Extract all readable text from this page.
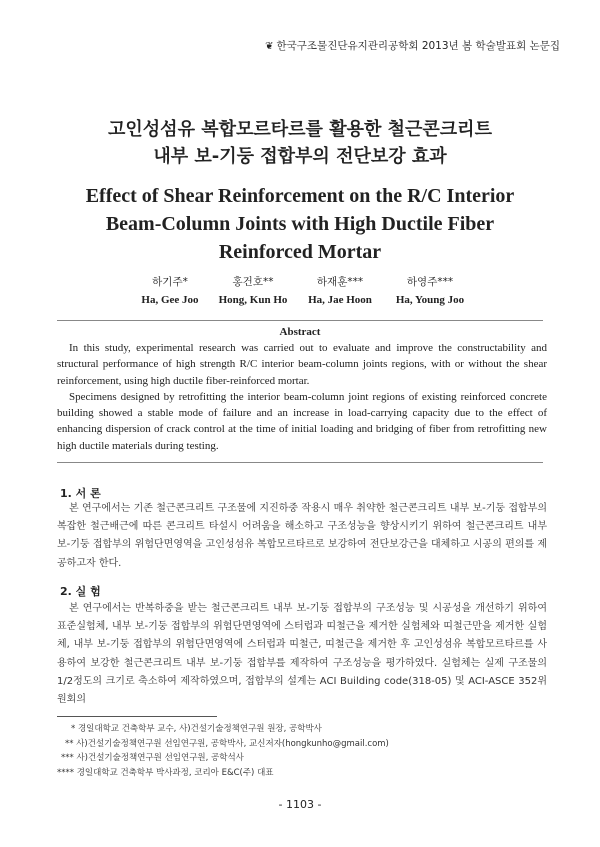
❦ 한국구조물진단유지관리공학회 2013년 봄 학술발표회 논문집
고인성섬유 복합모르타르를 활용한 철근콘크리트
내부 보-기둥 접합부의 전단보강 효과
Effect of Shear Reinforcement on the R/C Interior
Beam-Column Joints with High Ductile Fiber
Reinforced Mortar
하기주*
Ha, Gee Joo
홍건호**
Hong, Kun Ho
하재훈***
Ha, Jae Hoon
하영주***
Ha, Young Joo
Abstract

In this study, experimental research was carried out to evaluate and improve the constructability and structural performance of high strength R/C interior beam-column joints regions, with or without the shear reinforcement, using high ductile fiber-reinforced mortar.

Specimens designed by retrofitting the interior beam-column joint regions of existing reinforced concrete building showed a stable mode of failure and an increase in load-carrying capacity due to the effect of enhancing dispersion of crack control at the time of initial loading and bridging of fiber from retrofitting new high ductile materials during testing.

1. 서 론

본 연구에서는 기존 철근콘크리트 구조물에 지진하중 작용시 매우 취약한 철근콘크리트 내부 보-기둥 접합부의 복잡한 철근배근에 따른 콘크리트 타설시 어려움을 해소하고 구조성능을 향상시키기 위하여 철근콘크리트 내부 보-기둥 접합부의 위험단면영역을 고인성섬유 복합모르타르로 보강하여 전단보강근을 대체하고 시공의 편의를 제공하고자 한다.

2. 실 험

본 연구에서는 반복하중을 받는 철근콘크리트 내부 보-기둥 접합부의 구조성능 및 시공성을 개선하기 위하여 표준실험체, 내부 보-기둥 접합부의 위험단면영역에 스터럽과 띠철근을 제거한 실험체와 띠철근만을 제거한 실험체, 내부 보-기둥 접합부의 위험단면영역에 스터럽과 띠철근, 띠철근을 제거한 후 고인성섬유 복합모르타르를 사용하여 보강한 철근콘크리트 내부 보-기둥 접합부를 제작하여 구조성능을 평가하였다. 실험체는 실제 구조물의 1/2정도의 크기로 축소하여 제작하였으며, 접합부의 설계는 ACI Building code(318-05) 및 ACI-ASCE 352위원회의

* 경일대학교 건축학부 교수, 사)건설기술정책연구원 원장, 공학박사
** 사)건설기술정책연구원 선임연구원, 공학박사, 교신저자(hongkunho@gmail.com)
*** 사)건설기술정책연구원 선임연구원, 공학석사
**** 경일대학교 건축학부 박사과정, 코리아 E&C(주) 대표
- 1103 -
